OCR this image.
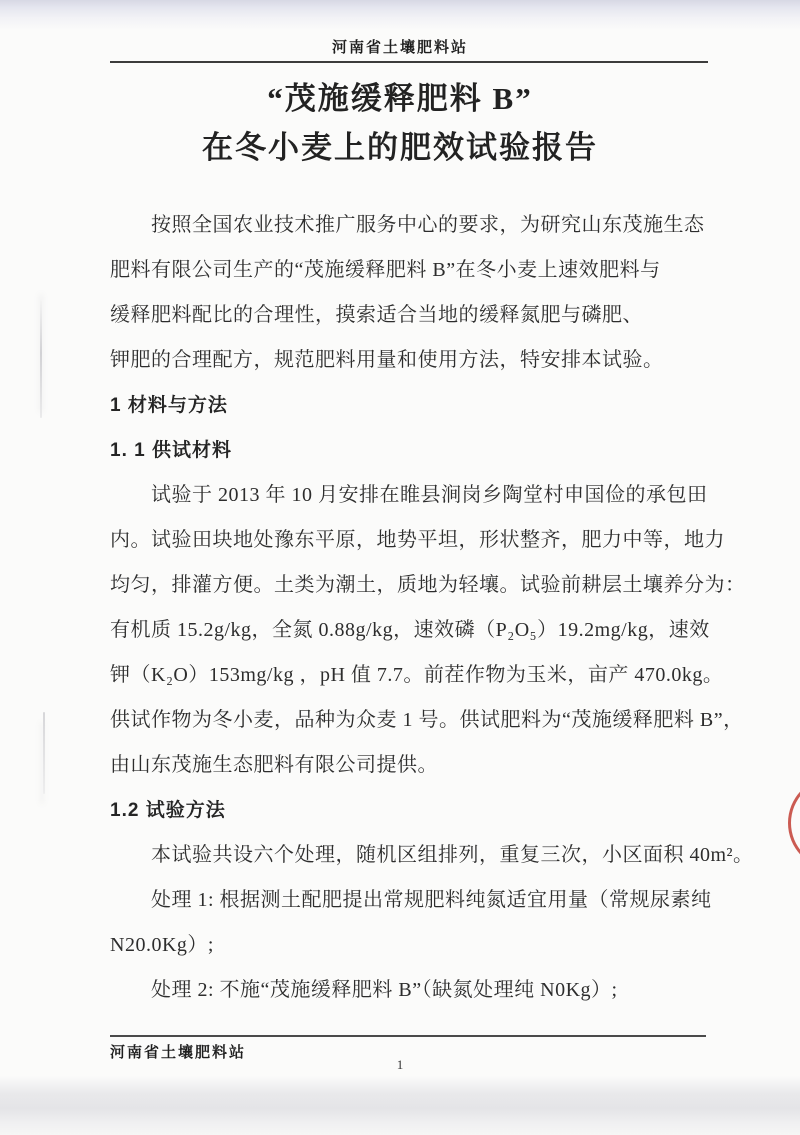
河南省土壤肥料站
“茂施缓释肥料 B”
在冬小麦上的肥效试验报告
按照全国农业技术推广服务中心的要求，为研究山东茂施生态
肥料有限公司生产的“茂施缓释肥料 B”在冬小麦上速效肥料与
缓释肥料配比的合理性，摸索适合当地的缓释氮肥与磷肥、
钾肥的合理配方，规范肥料用量和使用方法，特安排本试验。
1 材料与方法
1. 1 供试材料
试验于 2013 年 10 月安排在睢县涧岗乡陶堂村申国俭的承包田
内。试验田块地处豫东平原，地势平坦，形状整齐，肥力中等，地力
均匀，排灌方便。土类为潮土，质地为轻壤。试验前耕层土壤养分为：
有机质 15.2g/kg，全氮 0.88g/kg，速效磷（P₂O₅）19.2mg/kg，速效
钾（K₂O）153mg/kg ，pH 值 7.7。前茬作物为玉米，亩产 470.0kg。
供试作物为冬小麦，品种为众麦 1 号。供试肥料为“茂施缓释肥料 B”，
由山东茂施生态肥料有限公司提供。
1.2 试验方法
本试验共设六个处理，随机区组排列，重复三次，小区面积 40m²。
处理 1: 根据测土配肥提出常规肥料纯氮适宜用量（常规尿素纯
N20.0Kg）;
处理 2: 不施“茂施缓释肥料 B”（缺氮处理纯 N0Kg）;
河南省土壤肥料站
1
